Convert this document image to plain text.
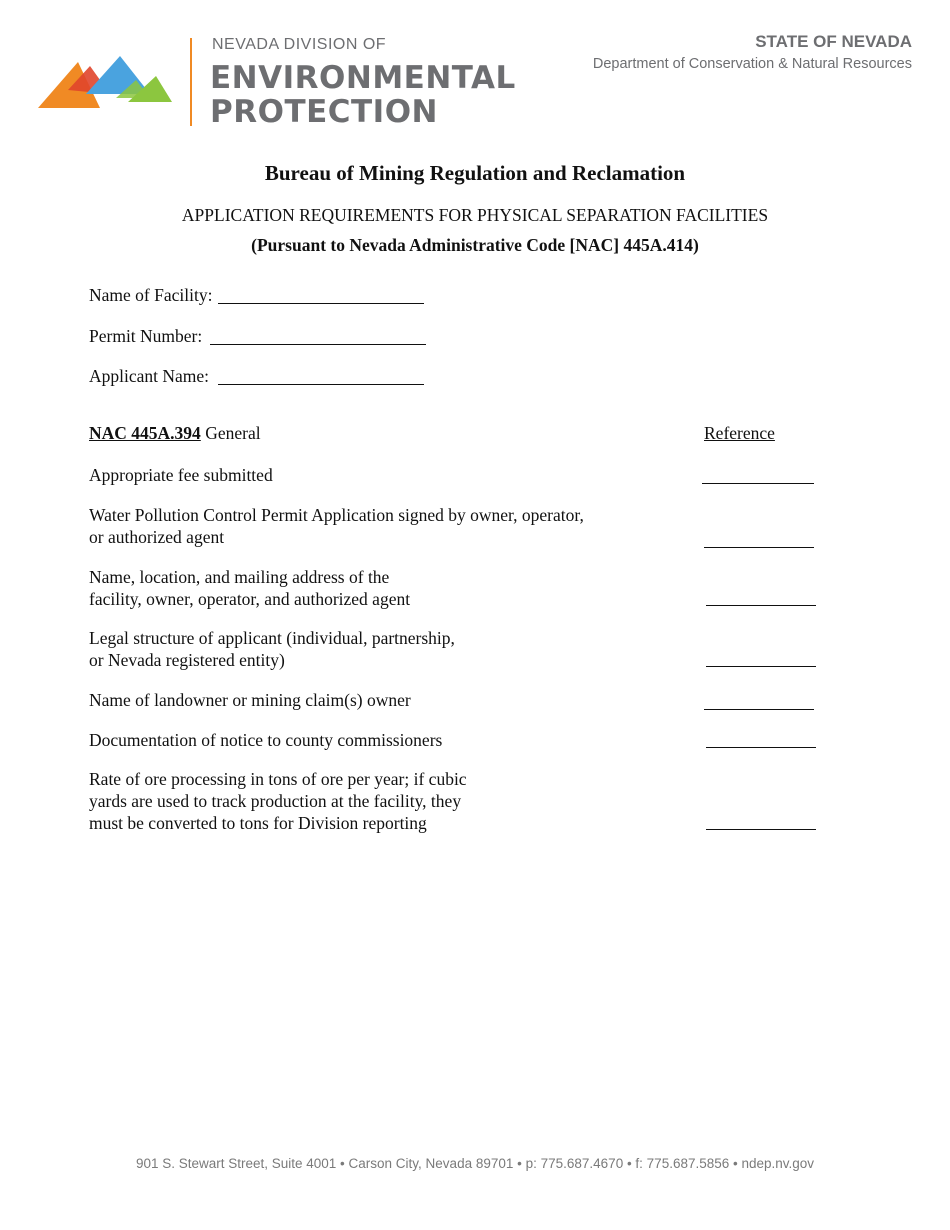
NEVADA DIVISION OF
ENVIRONMENTAL
PROTECTION
STATE OF NEVADA
Department of Conservation & Natural Resources
Bureau of Mining Regulation and Reclamation
APPLICATION REQUIREMENTS FOR PHYSICAL SEPARATION FACILITIES
(Pursuant to Nevada Administrative Code [NAC] 445A.414)
Name of Facility:
Permit Number:
Applicant Name:
NAC 445A.394 General	Reference
Appropriate fee submitted
Water Pollution Control Permit Application signed by owner, operator,
or authorized agent
Name, location, and mailing address of the
facility, owner, operator, and authorized agent
Legal structure of applicant (individual, partnership,
or Nevada registered entity)
Name of landowner or mining claim(s) owner
Documentation of notice to county commissioners
Rate of ore processing in tons of ore per year; if cubic
yards are used to track production at the facility, they
must be converted to tons for Division reporting
901 S. Stewart Street, Suite 4001 • Carson City, Nevada 89701 • p: 775.687.4670 • f: 775.687.5856 • ndep.nv.gov
